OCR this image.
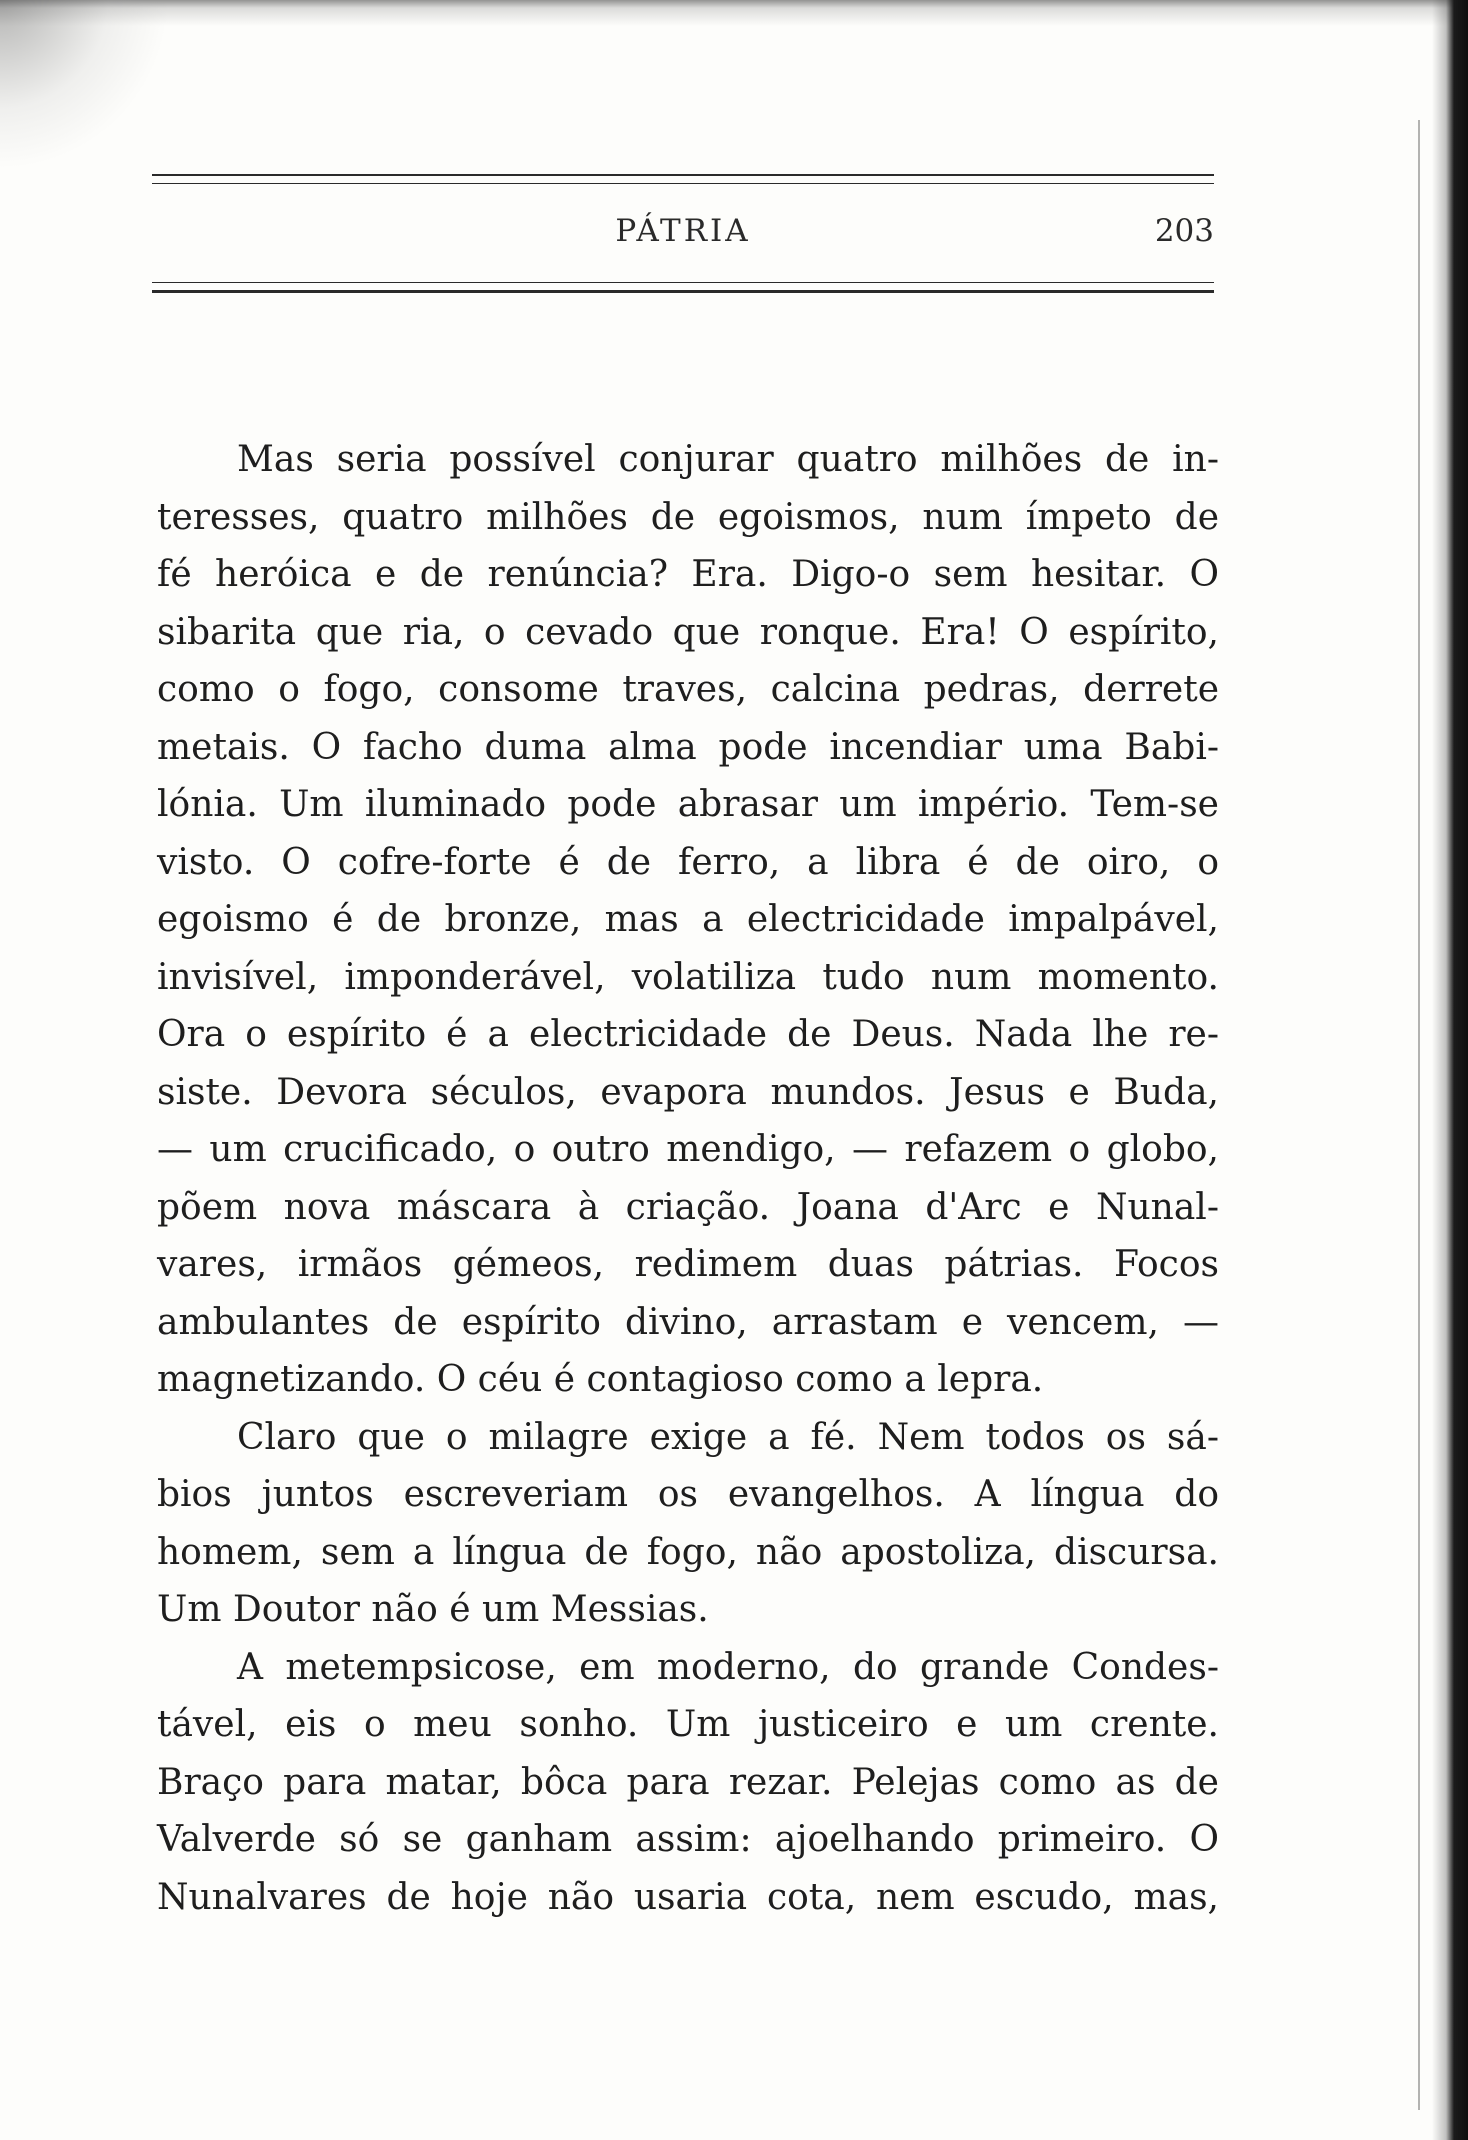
PÁTRIA	203
Mas seria possível conjurar quatro milhões de in-
teresses, quatro milhões de egoismos, num ímpeto de
fé heróica e de renúncia? Era. Digo-o sem hesitar. O
sibarita que ria, o cevado que ronque. Era! O espírito,
como o fogo, consome traves, calcina pedras, derrete
metais. O facho duma alma pode incendiar uma Babi-
lónia. Um iluminado pode abrasar um império. Tem-se
visto. O cofre-forte é de ferro, a libra é de oiro, o
egoismo é de bronze, mas a electricidade impalpável,
invisível, imponderável, volatiliza tudo num momento.
Ora o espírito é a electricidade de Deus. Nada lhe re-
siste. Devora séculos, evapora mundos. Jesus e Buda,
— um crucificado, o outro mendigo, — refazem o globo,
põem nova máscara à criação. Joana d'Arc e Nunal-
vares, irmãos gémeos, redimem duas pátrias. Focos
ambulantes de espírito divino, arrastam e vencem, —
magnetizando. O céu é contagioso como a lepra.
Claro que o milagre exige a fé. Nem todos os sá-
bios juntos escreveriam os evangelhos. A língua do
homem, sem a língua de fogo, não apostoliza, discursa.
Um Doutor não é um Messias.
A metempsicose, em moderno, do grande Condes-
tável, eis o meu sonho. Um justiceiro e um crente.
Braço para matar, bôca para rezar. Pelejas como as de
Valverde só se ganham assim: ajoelhando primeiro. O
Nunalvares de hoje não usaria cota, nem escudo, mas,
